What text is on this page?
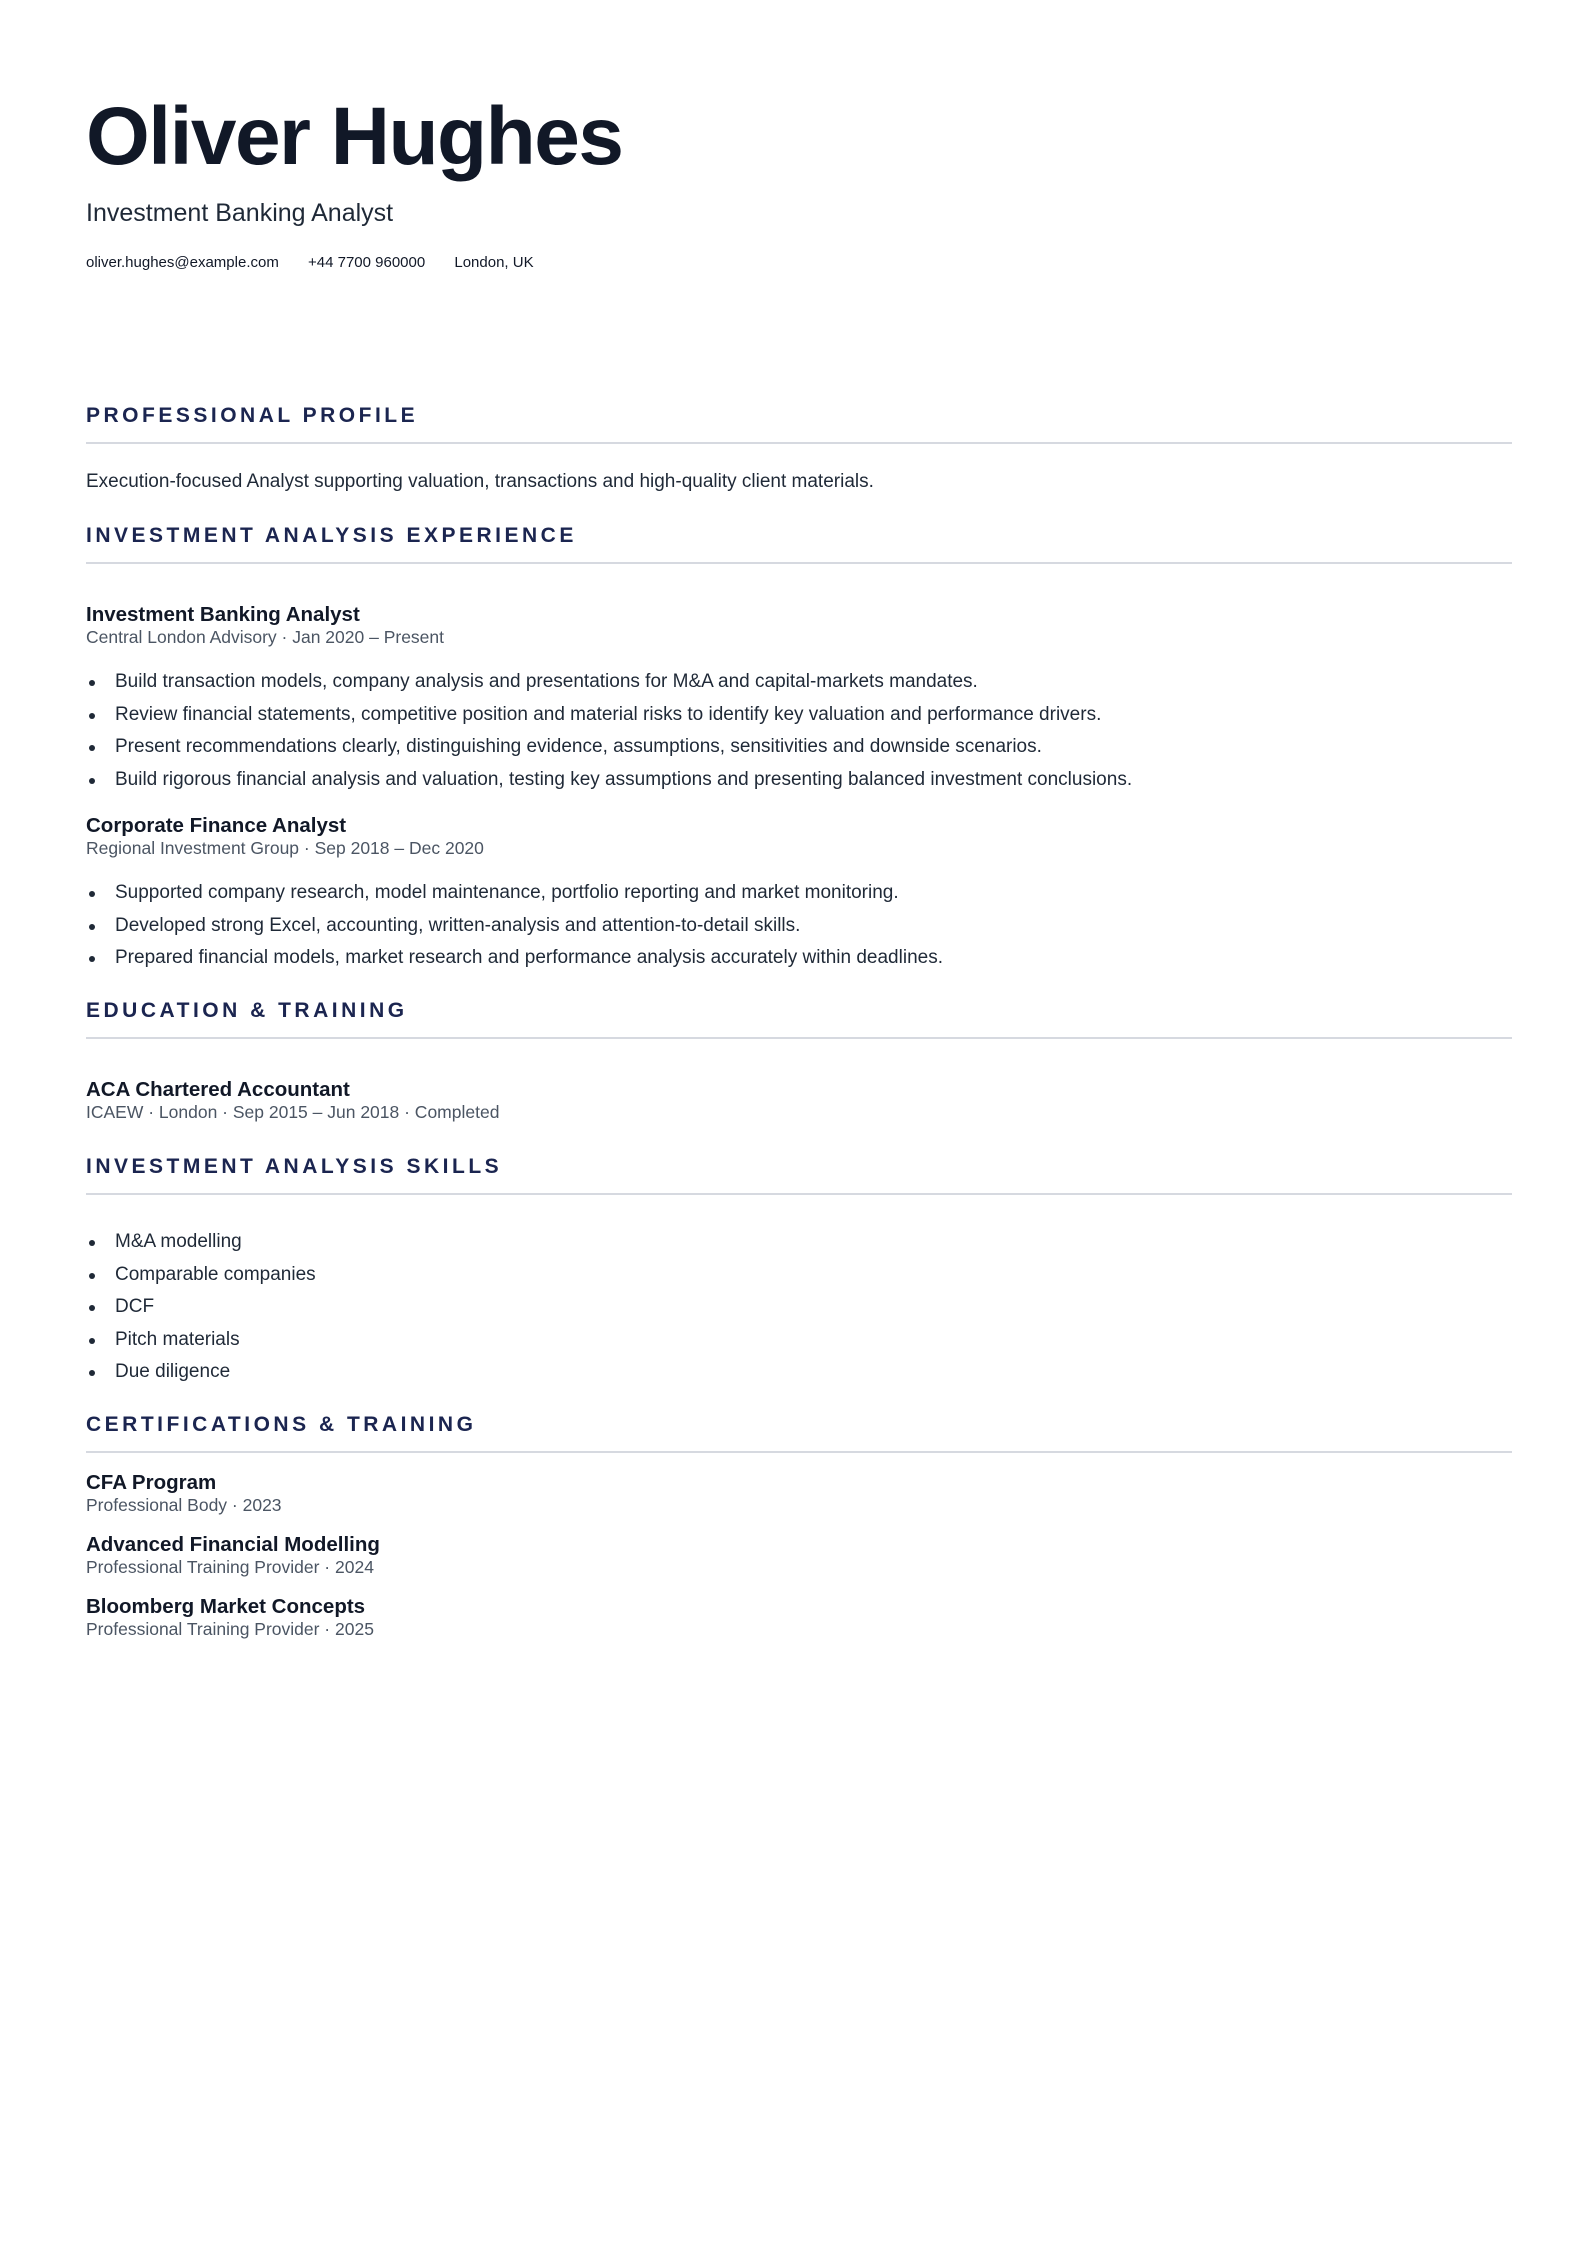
Oliver Hughes
Investment Banking Analyst
oliver.hughes@example.com +44 7700 960000 London, UK
PROFESSIONAL PROFILE
Execution-focused Analyst supporting valuation, transactions and high-quality client materials.
INVESTMENT ANALYSIS EXPERIENCE
Investment Banking Analyst
Central London Advisory · Jan 2020 – Present
Build transaction models, company analysis and presentations for M&A and capital-markets mandates.
Review financial statements, competitive position and material risks to identify key valuation and performance drivers.
Present recommendations clearly, distinguishing evidence, assumptions, sensitivities and downside scenarios.
Build rigorous financial analysis and valuation, testing key assumptions and presenting balanced investment conclusions.
Corporate Finance Analyst
Regional Investment Group · Sep 2018 – Dec 2020
Supported company research, model maintenance, portfolio reporting and market monitoring.
Developed strong Excel, accounting, written-analysis and attention-to-detail skills.
Prepared financial models, market research and performance analysis accurately within deadlines.
EDUCATION & TRAINING
ACA Chartered Accountant
ICAEW · London · Sep 2015 – Jun 2018 · Completed
INVESTMENT ANALYSIS SKILLS
M&A modelling
Comparable companies
DCF
Pitch materials
Due diligence
CERTIFICATIONS & TRAINING
CFA Program
Professional Body · 2023
Advanced Financial Modelling
Professional Training Provider · 2024
Bloomberg Market Concepts
Professional Training Provider · 2025
